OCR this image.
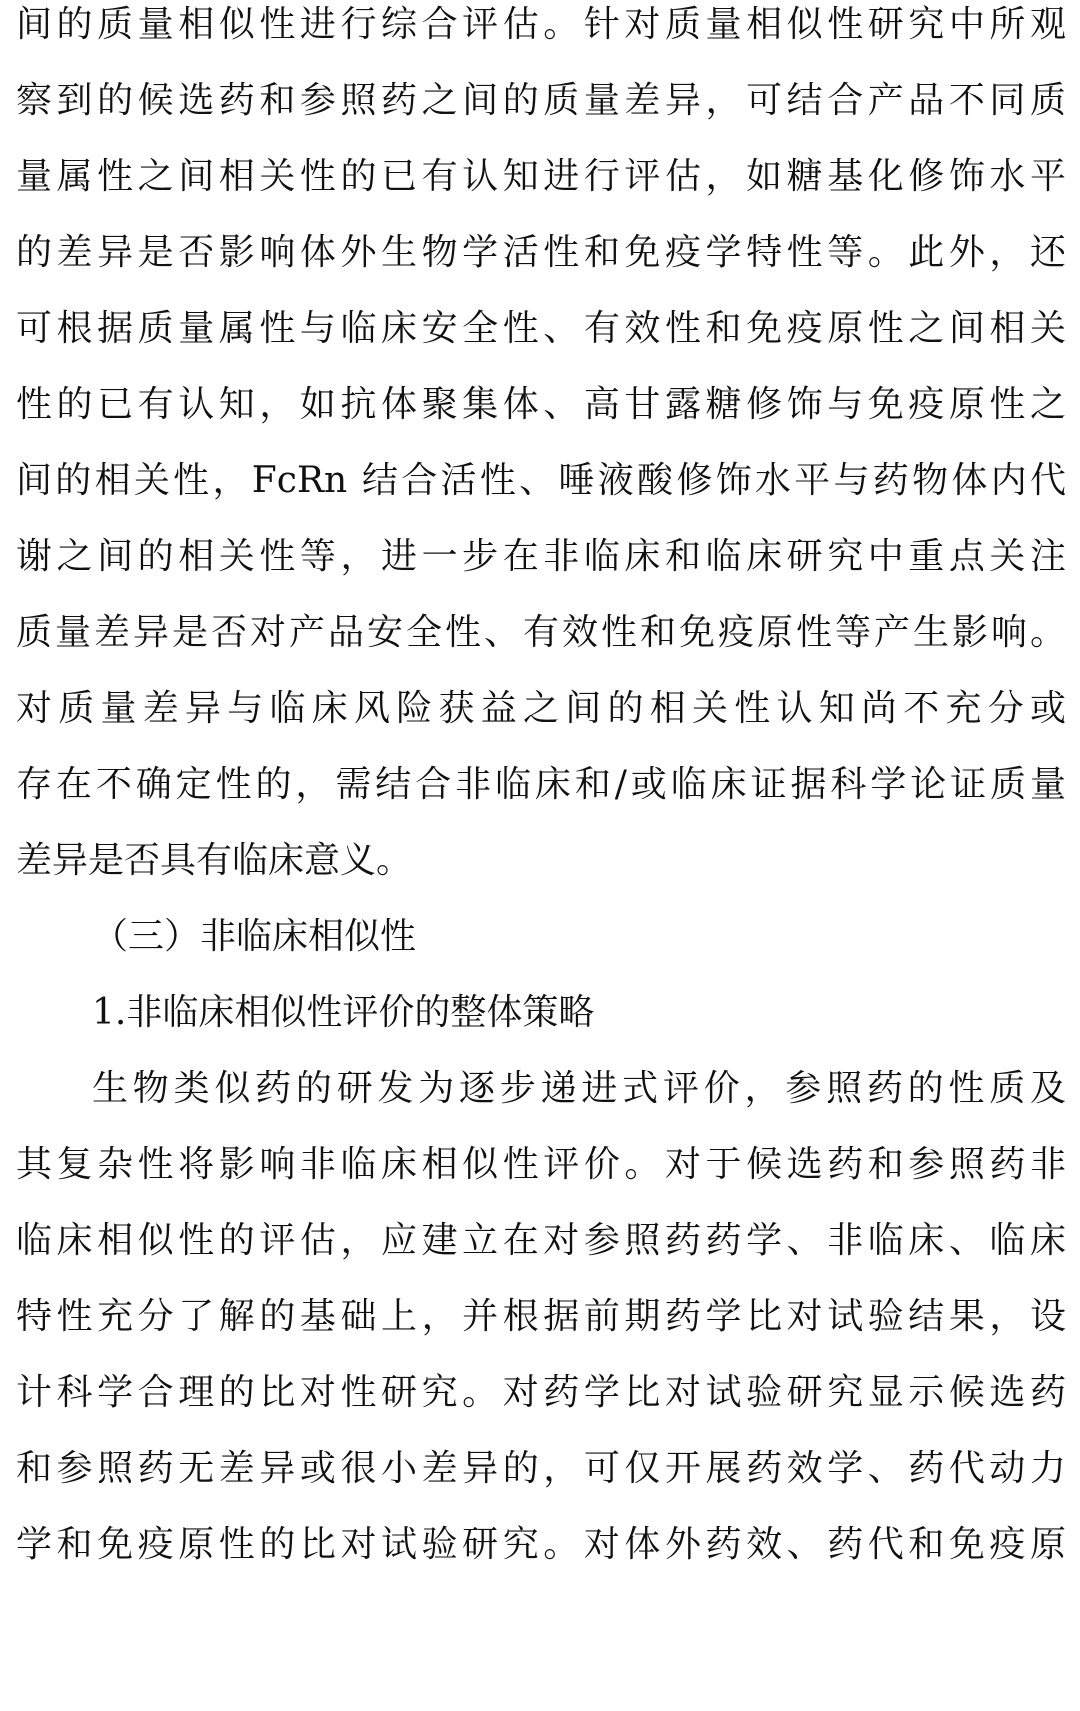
间的质量相似性进行综合评估。针对质量相似性研究中所观
察到的候选药和参照药之间的质量差异，可结合产品不同质
量属性之间相关性的已有认知进行评估，如糖基化修饰水平
的差异是否影响体外生物学活性和免疫学特性等。此外，还
可根据质量属性与临床安全性、有效性和免疫原性之间相关
性的已有认知，如抗体聚集体、高甘露糖修饰与免疫原性之
间的相关性，FcRn 结合活性、唾液酸修饰水平与药物体内代
谢之间的相关性等，进一步在非临床和临床研究中重点关注
质量差异是否对产品安全性、有效性和免疫原性等产生影响。
对质量差异与临床风险获益之间的相关性认知尚不充分或
存在不确定性的，需结合非临床和/或临床证据科学论证质量
差异是否具有临床意义。
（三）非临床相似性
1.非临床相似性评价的整体策略
生物类似药的研发为逐步递进式评价，参照药的性质及
其复杂性将影响非临床相似性评价。对于候选药和参照药非
临床相似性的评估，应建立在对参照药药学、非临床、临床
特性充分了解的基础上，并根据前期药学比对试验结果，设
计科学合理的比对性研究。对药学比对试验研究显示候选药
和参照药无差异或很小差异的，可仅开展药效学、药代动力
学和免疫原性的比对试验研究。对体外药效、药代和免疫原
